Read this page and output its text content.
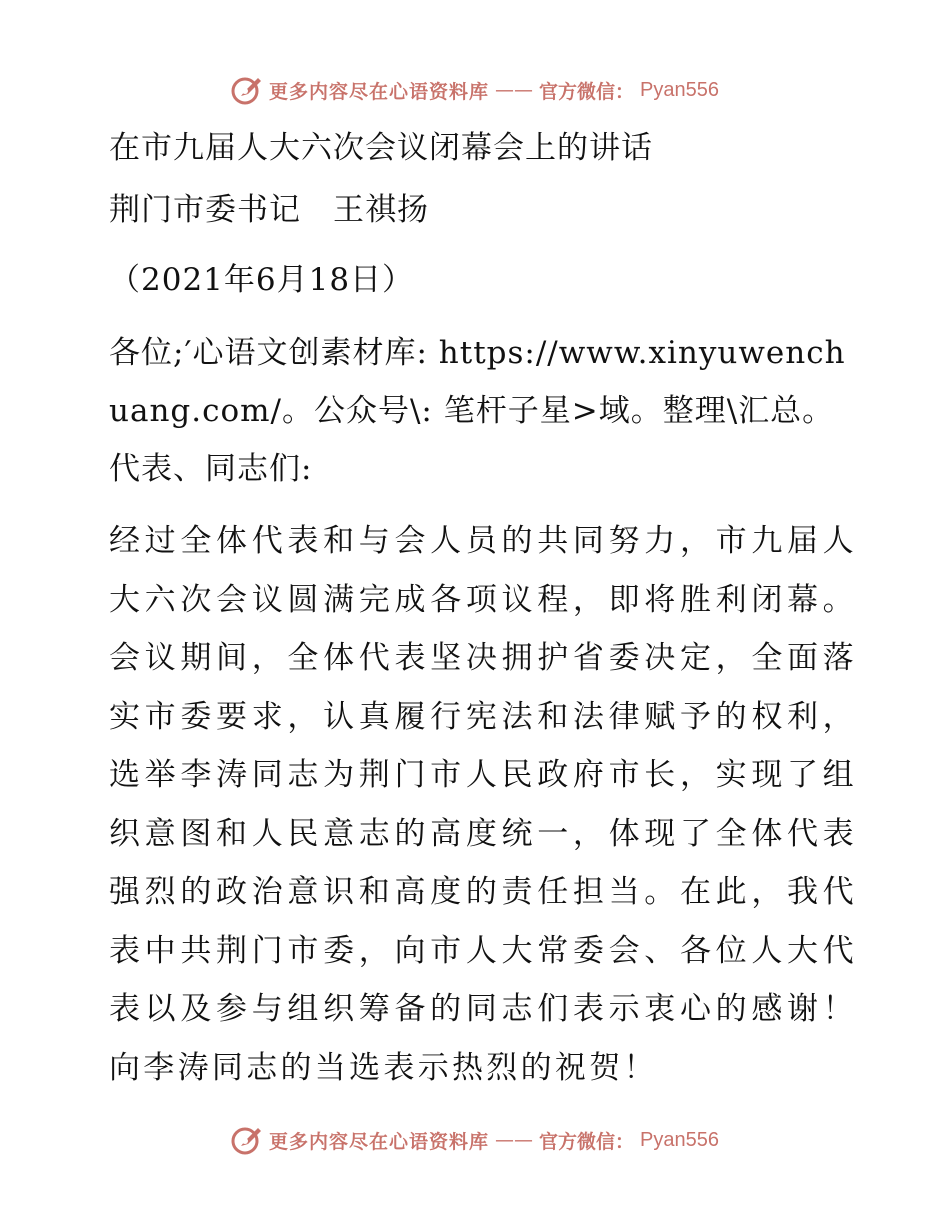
更多内容尽在心语资料库 —— 官方微信： Pyan556
在市九届人大六次会议闭幕会上的讲话
荆门市委书记　王祺扬
（2021年6月18日）
各位;′心语文创素材库: https://www.xinyuwenchuang.com/。公众号\: 笔杆子星>域。整理\汇总。代表、同志们:
经过全体代表和与会人员的共同努力，市九届人大六次会议圆满完成各项议程，即将胜利闭幕。会议期间，全体代表坚决拥护省委决定，全面落实市委要求，认真履行宪法和法律赋予的权利，选举李涛同志为荆门市人民政府市长，实现了组织意图和人民意志的高度统一，体现了全体代表强烈的政治意识和高度的责任担当。在此，我代表中共荆门市委，向市人大常委会、各位人大代表以及参与组织筹备的同志们表示衷心的感谢！向李涛同志的当选表示热烈的祝贺！
更多内容尽在心语资料库 —— 官方微信： Pyan556
